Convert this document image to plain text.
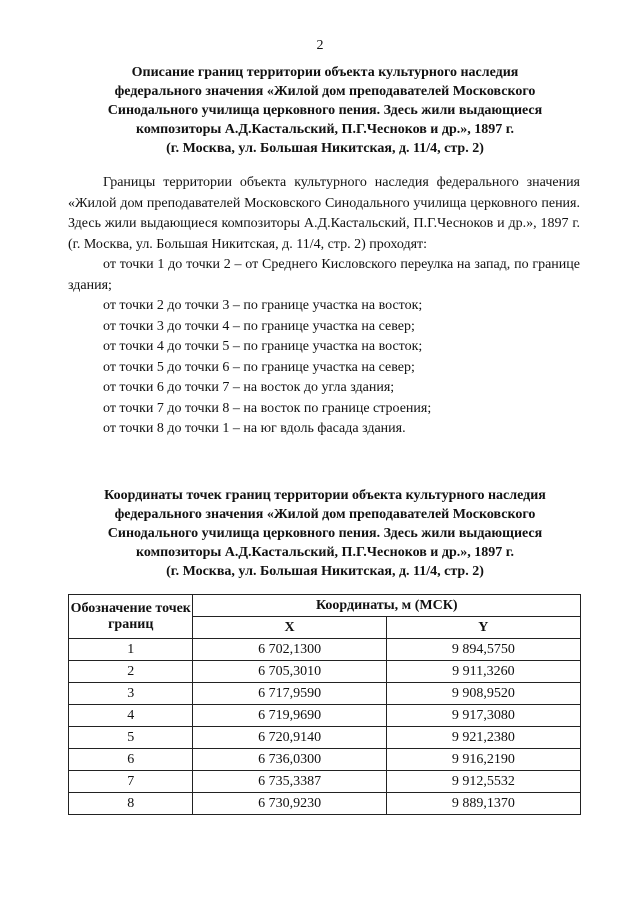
2
Описание границ территории объекта культурного наследия
федерального значения «Жилой дом преподавателей Московского
Синодального училища церковного пения. Здесь жили выдающиеся
композиторы А.Д.Кастальский, П.Г.Чесноков и др.», 1897 г.
(г. Москва, ул. Большая Никитская, д. 11/4, стр. 2)

Границы территории объекта культурного наследия федерального значения «Жилой дом преподавателей Московского Синодального училища церковного пения. Здесь жили выдающиеся композиторы А.Д.Кастальский, П.Г.Чесноков и др.», 1897 г. (г. Москва, ул. Большая Никитская, д. 11/4, стр. 2) проходят:

от точки 1 до точки 2 – от Среднего Кисловского переулка на запад, по границе здания;

от точки 2 до точки 3 – по границе участка на восток;

от точки 3 до точки 4 – по границе участка на север;

от точки 4 до точки 5 – по границе участка на восток;

от точки 5 до точки 6 – по границе участка на север;

от точки 6 до точки 7 – на восток до угла здания;

от точки 7 до точки 8 – на восток по границе строения;

от точки 8 до точки 1 – на юг вдоль фасада здания.

Координаты точек границ территории объекта культурного наследия
федерального значения «Жилой дом преподавателей Московского
Синодального училища церковного пения. Здесь жили выдающиеся
композиторы А.Д.Кастальский, П.Г.Чесноков и др.», 1897 г.
(г. Москва, ул. Большая Никитская, д. 11/4, стр. 2)
Обозначение точек границ	Координаты, м (МСК)	
	X	Y
1	6 702,1300	9 894,5750
2	6 705,3010	9 911,3260
3	6 717,9590	9 908,9520
4	6 719,9690	9 917,3080
5	6 720,9140	9 921,2380
6	6 736,0300	9 916,2190
7	6 735,3387	9 912,5532
8	6 730,9230	9 889,1370
